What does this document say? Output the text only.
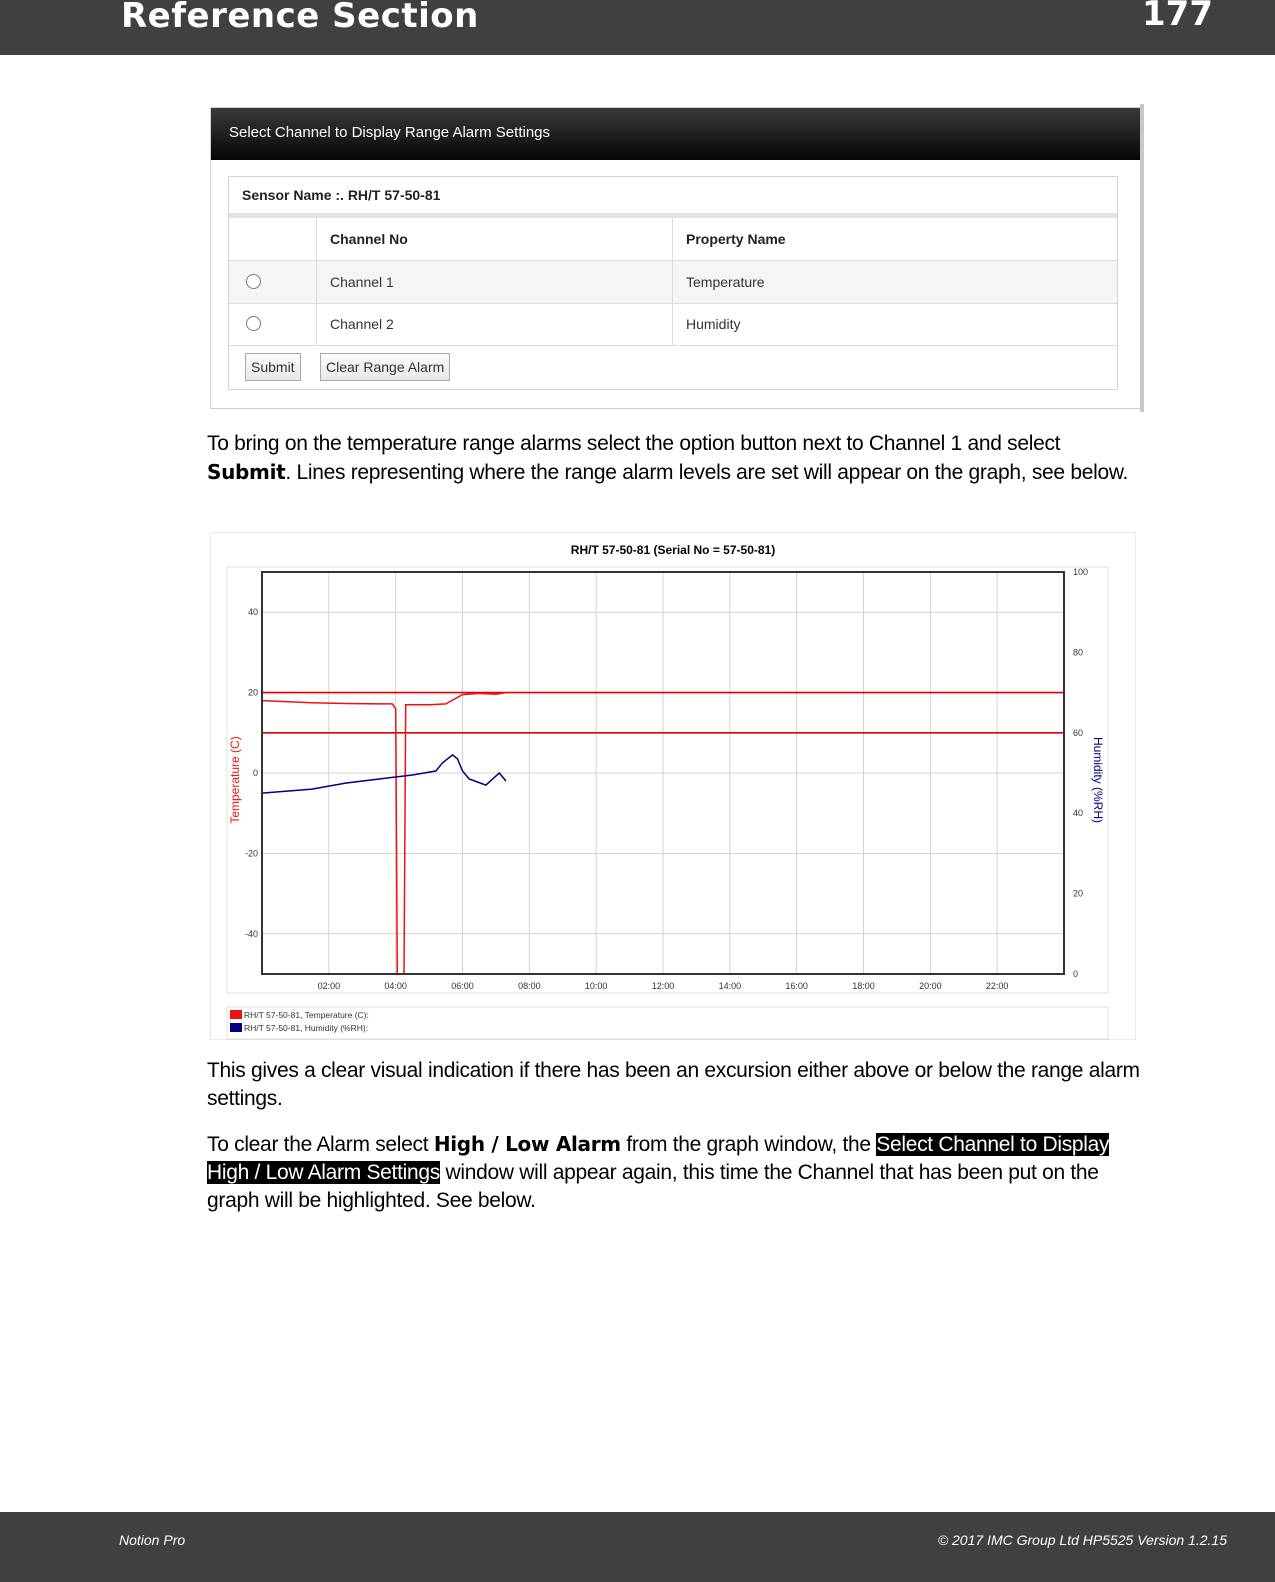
Reference Section	177
Select Channel to Display Range Alarm Settings
Sensor Name :. RH/T 57-50-81
Channel No	Property Name
Channel 1	Temperature
Channel 2	Humidity
Submit	Clear Range Alarm
To bring on the temperature range alarms select the option button next to Channel 1 and select Submit. Lines representing where the range alarm levels are set will appear on the graph, see below.
RH/T 57-50-81 (Serial No = 57-50-81)
02:00	04:00	06:00	08:00	10:00	12:00	14:00	16:00	18:00	20:00	22:00
40
20
0
-20
-40
100
80
60
40
20
0
Temperature (C)	Humidity (%RH)
RH/T 57-50-81, Temperature (C):
RH/T 57-50-81, Humidity (%RH):
This gives a clear visual indication if there has been an excursion either above or below the range alarm settings.
To clear the Alarm select High / Low Alarm from the graph window, the Select Channel to Display High / Low Alarm Settings window will appear again, this time the Channel that has been put on the graph will be highlighted. See below.
Notion Pro	© 2017 IMC Group Ltd HP5525 Version 1.2.15
